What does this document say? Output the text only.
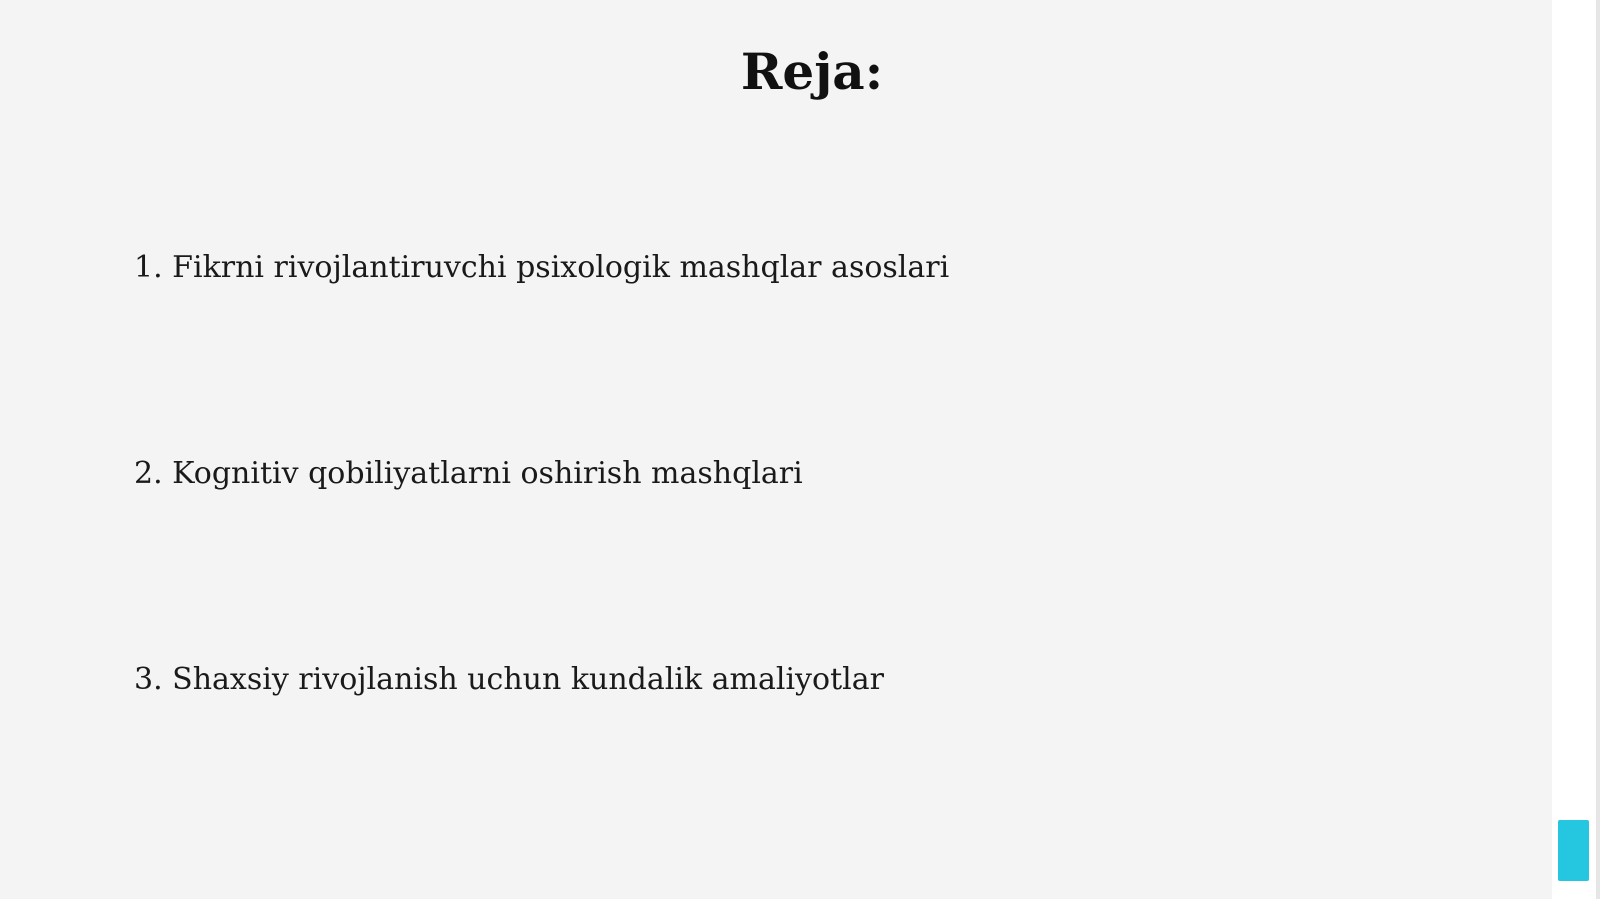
Reja:

1. Fikrni rivojlantiruvchi psixologik mashqlar asoslari

2. Kognitiv qobiliyatlarni oshirish mashqlari

3. Shaxsiy rivojlanish uchun kundalik amaliyotlar
